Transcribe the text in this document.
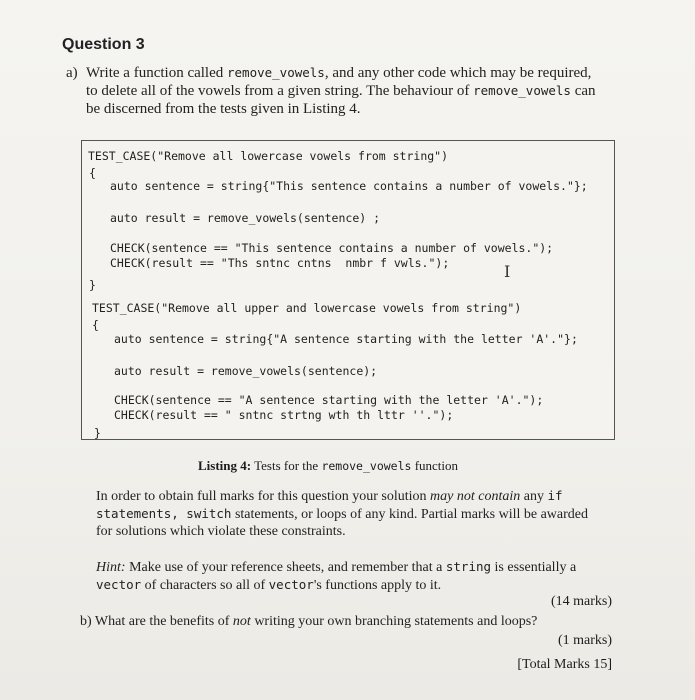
Question 3
a) Write a function called remove_vowels, and any other code which may be required,
to delete all of the vowels from a given string. The behaviour of remove_vowels can
be discerned from the tests given in Listing 4.
TEST_CASE("Remove all lowercase vowels from string")
{
auto sentence = string{"This sentence contains a number of vowels."};
auto result = remove_vowels(sentence) ;
CHECK(sentence == "This sentence contains a number of vowels.");
CHECK(result == "Ths sntnc cntns  nmbr f vwls.");
}
TEST_CASE("Remove all upper and lowercase vowels from string")
{
auto sentence = string{"A sentence starting with the letter 'A'."};
auto result = remove_vowels(sentence);
CHECK(sentence == "A sentence starting with the letter 'A'.");
CHECK(result == " sntnc strtng wth th lttr ''.");
}
I
Listing 4: Tests for the remove_vowels function
In order to obtain full marks for this question your solution may not contain any if
statements, switch statements, or loops of any kind. Partial marks will be awarded
for solutions which violate these constraints.
Hint: Make use of your reference sheets, and remember that a string is essentially a
vector of characters so all of vector's functions apply to it.
(14 marks)
b) What are the benefits of not writing your own branching statements and loops?
(1 marks)
[Total Marks 15]
